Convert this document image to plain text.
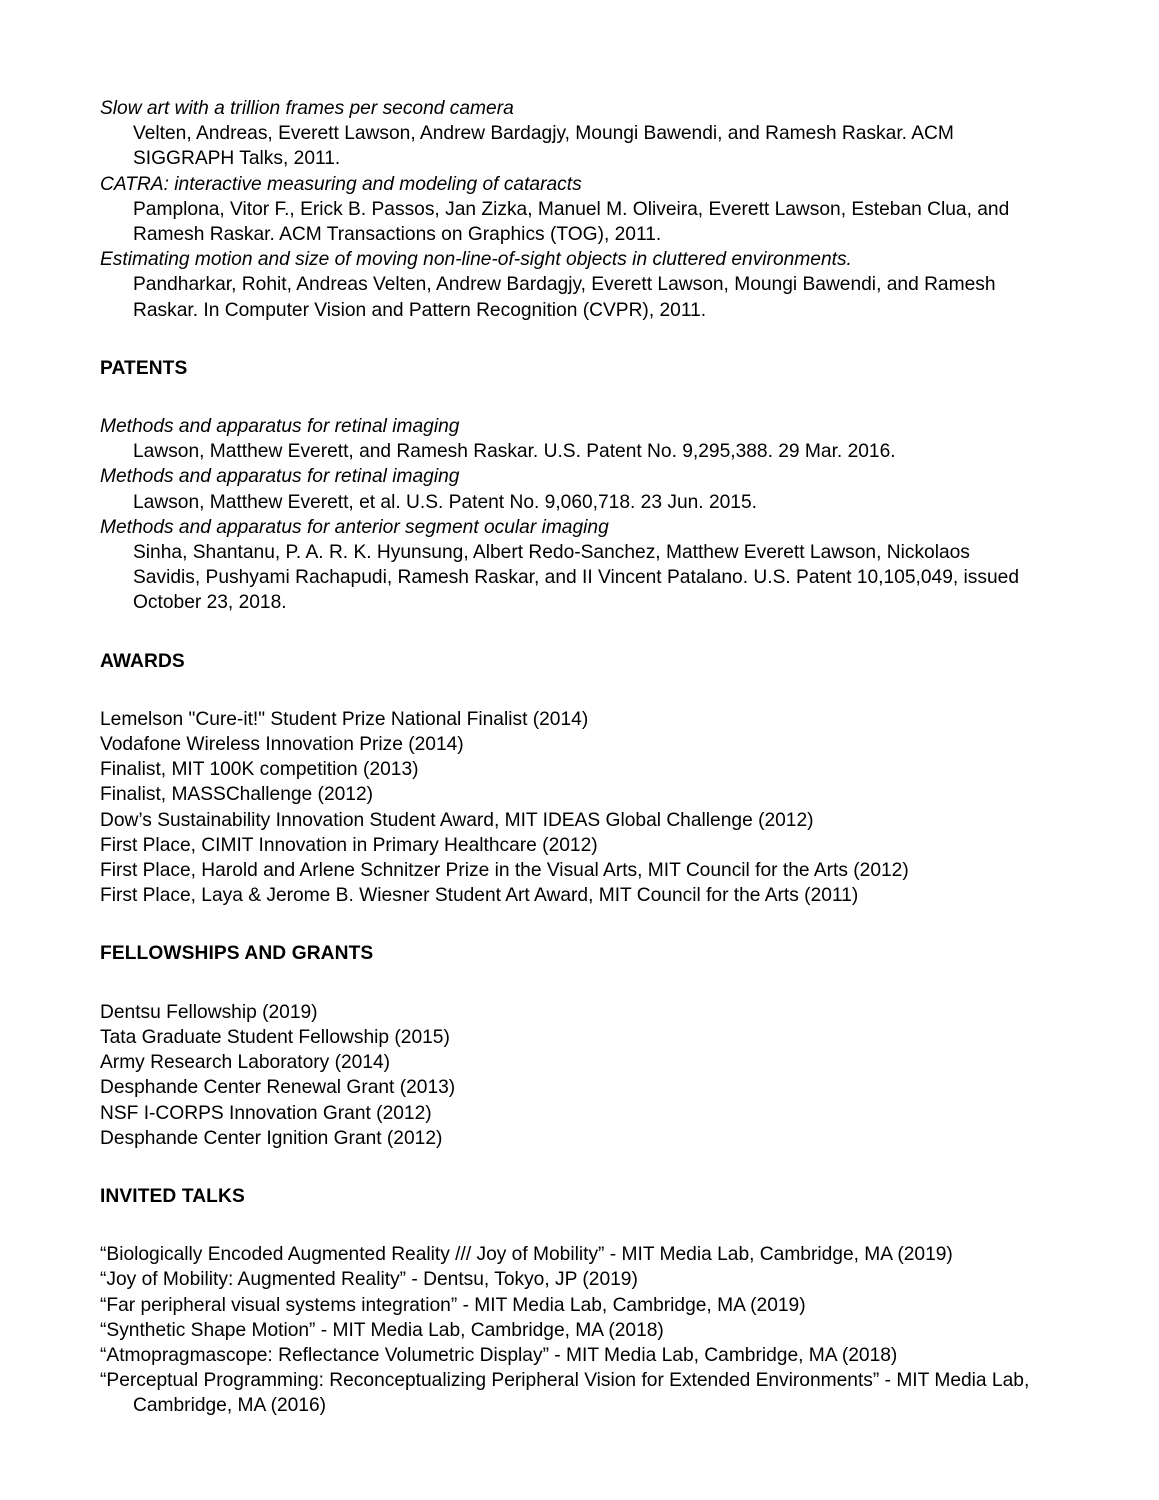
Slow art with a trillion frames per second camera
Velten, Andreas, Everett Lawson, Andrew Bardagjy, Moungi Bawendi, and Ramesh Raskar. ACM SIGGRAPH Talks, 2011.
CATRA: interactive measuring and modeling of cataracts
Pamplona, Vitor F., Erick B. Passos, Jan Zizka, Manuel M. Oliveira, Everett Lawson, Esteban Clua, and Ramesh Raskar. ACM Transactions on Graphics (TOG), 2011.
Estimating motion and size of moving non-line-of-sight objects in cluttered environments.
Pandharkar, Rohit, Andreas Velten, Andrew Bardagjy, Everett Lawson, Moungi Bawendi, and Ramesh Raskar. In Computer Vision and Pattern Recognition (CVPR), 2011.
PATENTS
Methods and apparatus for retinal imaging
Lawson, Matthew Everett, and Ramesh Raskar. U.S. Patent No. 9,295,388. 29 Mar. 2016.
Methods and apparatus for retinal imaging
Lawson, Matthew Everett, et al. U.S. Patent No. 9,060,718. 23 Jun. 2015.
Methods and apparatus for anterior segment ocular imaging
Sinha, Shantanu, P. A. R. K. Hyunsung, Albert Redo-Sanchez, Matthew Everett Lawson, Nickolaos Savidis, Pushyami Rachapudi, Ramesh Raskar, and II Vincent Patalano. U.S. Patent 10,105,049, issued October 23, 2018.
AWARDS
Lemelson "Cure-it!" Student Prize National Finalist (2014)
Vodafone Wireless Innovation Prize (2014)
Finalist, MIT 100K competition (2013)
Finalist, MASSChallenge (2012)
Dow’s Sustainability Innovation Student Award, MIT IDEAS Global Challenge (2012)
First Place, CIMIT Innovation in Primary Healthcare (2012)
First Place, Harold and Arlene Schnitzer Prize in the Visual Arts, MIT Council for the Arts (2012)
First Place, Laya & Jerome B. Wiesner Student Art Award, MIT Council for the Arts (2011)
FELLOWSHIPS AND GRANTS
Dentsu Fellowship (2019)
Tata Graduate Student Fellowship (2015)
Army Research Laboratory (2014)
Desphande Center Renewal Grant (2013)
NSF I-CORPS Innovation Grant (2012)
Desphande Center Ignition Grant (2012)
INVITED TALKS
“Biologically Encoded Augmented Reality /// Joy of Mobility” - MIT Media Lab, Cambridge, MA (2019)
“Joy of Mobility: Augmented Reality” - Dentsu, Tokyo, JP (2019)
“Far peripheral visual systems integration” - MIT Media Lab, Cambridge, MA (2019)
“Synthetic Shape Motion” - MIT Media Lab, Cambridge, MA (2018)
“Atmopragmascope: Reflectance Volumetric Display” - MIT Media Lab, Cambridge, MA (2018)
“Perceptual Programming: Reconceptualizing Peripheral Vision for Extended Environments” - MIT Media Lab, Cambridge, MA (2016)
